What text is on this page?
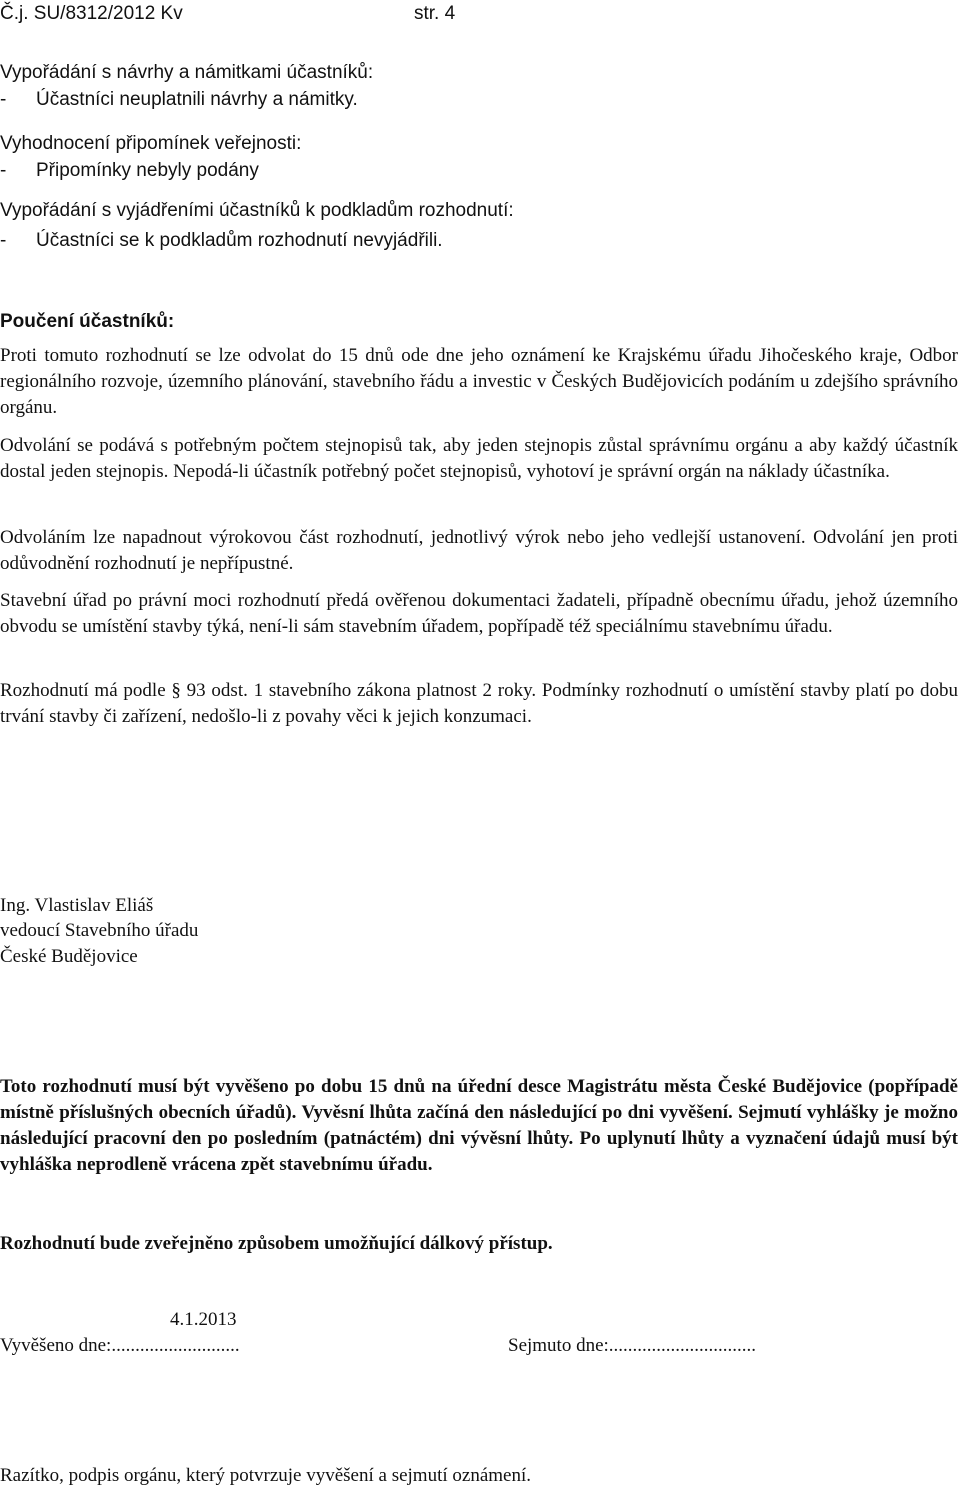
Č.j. SU/8312/2012 Kv	str. 4
Vypořádání s návrhy a námitkami účastníků:
- Účastníci neuplatnili návrhy a námitky.
Vyhodnocení připomínek veřejnosti:
- Připomínky nebyly podány
Vypořádání s vyjádřeními účastníků k podkladům rozhodnutí:
- Účastníci se k podkladům rozhodnutí nevyjádřili.
Poučení účastníků:
Proti tomuto rozhodnutí se lze odvolat do 15 dnů ode dne jeho oznámení ke Krajskému úřadu Jihočeského kraje, Odbor regionálního rozvoje, územního plánování, stavebního řádu a investic v Českých Budějovicích podáním u zdejšího správního orgánu.
Odvolání se podává s potřebným počtem stejnopisů tak, aby jeden stejnopis zůstal správnímu orgánu a aby každý účastník dostal jeden stejnopis. Nepodá-li účastník potřebný počet stejnopisů, vyhotoví je správní orgán na náklady účastníka.
Odvoláním lze napadnout výrokovou část rozhodnutí, jednotlivý výrok nebo jeho vedlejší ustanovení. Odvolání jen proti odůvodnění rozhodnutí je nepřípustné.
Stavební úřad po právní moci rozhodnutí předá ověřenou dokumentaci žadateli, případně obecnímu úřadu, jehož územního obvodu se umístění stavby týká, není-li sám stavebním úřadem, popřípadě též speciálnímu stavebnímu úřadu.
Rozhodnutí má podle § 93 odst. 1 stavebního zákona platnost 2 roky. Podmínky rozhodnutí o umístění stavby platí po dobu trvání stavby či zařízení, nedošlo-li z povahy věci k jejich konzumaci.
Ing. Vlastislav Eliáš
vedoucí Stavebního úřadu
České Budějovice
Toto rozhodnutí musí být vyvěšeno po dobu 15 dnů na úřední desce Magistrátu města České Budějovice (popřípadě místně příslušných obecních úřadů). Vyvěsní lhůta začíná den následující po dni vyvěšení. Sejmutí vyhlášky je možno následující pracovní den po posledním (patnáctém) dni vývěsní lhůty. Po uplynutí lhůty a vyznačení údajů musí být vyhláška neprodleně vrácena zpět stavebnímu úřadu.
Rozhodnutí bude zveřejněno způsobem umožňující dálkový přístup.
4.1.2013
Vyvěšeno dne:...........................	Sejmuto dne:...............................
Razítko, podpis orgánu, který potvrzuje vyvěšení a sejmutí oznámení.
